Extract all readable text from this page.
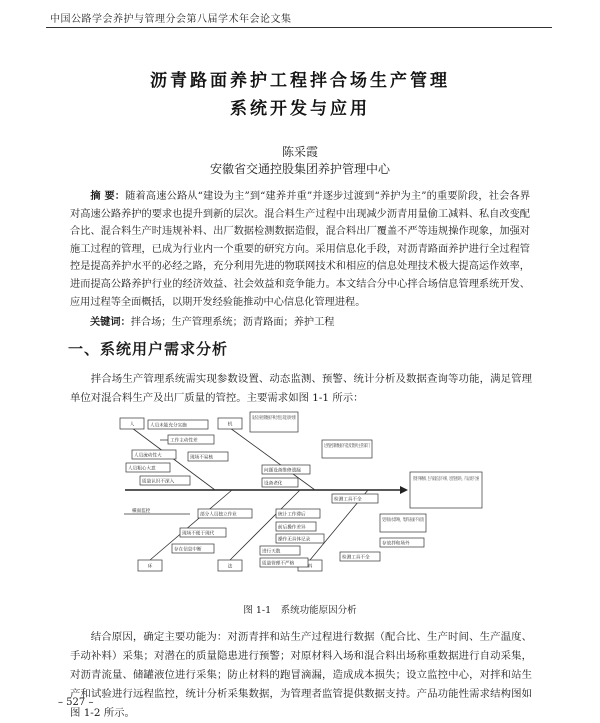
中国公路学会养护与管理分会第八届学术年会论文集
沥青路面养护工程拌合场生产管理
系统开发与应用
陈采霞
安徽省交通控股集团养护管理中心
摘 要：随着高速公路从“建设为主”到“建养并重”并逐步过渡到“养护为主”的重要阶段，社会各界对高速公路养护的要求也提升到新的层次。混合料生产过程中出现减少沥青用量偷工减料、私自改变配合比、混合料生产时违规补料、出厂数据检测数据造假，混合料出厂覆盖不严等违规操作现象，加强对施工过程的管理，已成为行业内一个重要的研究方向。采用信息化手段，对沥青路面养护进行全过程管控是提高养护水平的必经之路，充分利用先进的物联网技术和相应的信息处理技术极大提高运作效率，进而提高公路养护行业的经济效益、社会效益和竞争能力。本文结合分中心拌合场信息管理系统开发、应用过程等全面概括，以期开发经验能推动中心信息化管理进程。
关键词：拌合场；生产管理系统；沥青路面；养护工程
一、系统用户需求分析
拌合场生产管理系统需实现参数设置、动态监测、预警、统计分析及数据查询等功能，满足管理单位对混合料生产及出厂质量的管控。主要需求如图 1-1 所示：
人	机
环	法	料
人员未能充分实施
工作主动性差
人员流动性大
人员粗心大意
质量认识不深入
设备自身控制数据不够合理且未能及时更新
现场不易核
问题设备维修遗漏
设备老化
过程控制数据不能反馈到主管部门
检测工具不全
管理不够精细，生产质量信息不对称，过程管控缺失，产品出现不合格
橫面监控
部分人员独立作业	统计工作滞后
前后操作差异
操作无具体记录
现场不便于现代
进行天数
存在信息中断
质量管理不严格
受到雨水影响，集料表面不易清
存放拌和场外
检测工具不全
图 1-1　系统功能原因分析
结合原因，确定主要功能为：对沥青拌和站生产过程进行数据（配合比、生产时间、生产温度、手动补料）采集；对潜在的质量隐患进行预警；对原材料入场和混合料出场称重数据进行自动采集，对沥青流量、储罐液位进行采集；防止材料的跑冒滴漏，造成成本损失；设立监控中心，对拌和站生产和试验进行远程监控，统计分析采集数据，为管理者监管提供数据支持。产品功能性需求结构图如图 1-2 所示。
– 527 –
